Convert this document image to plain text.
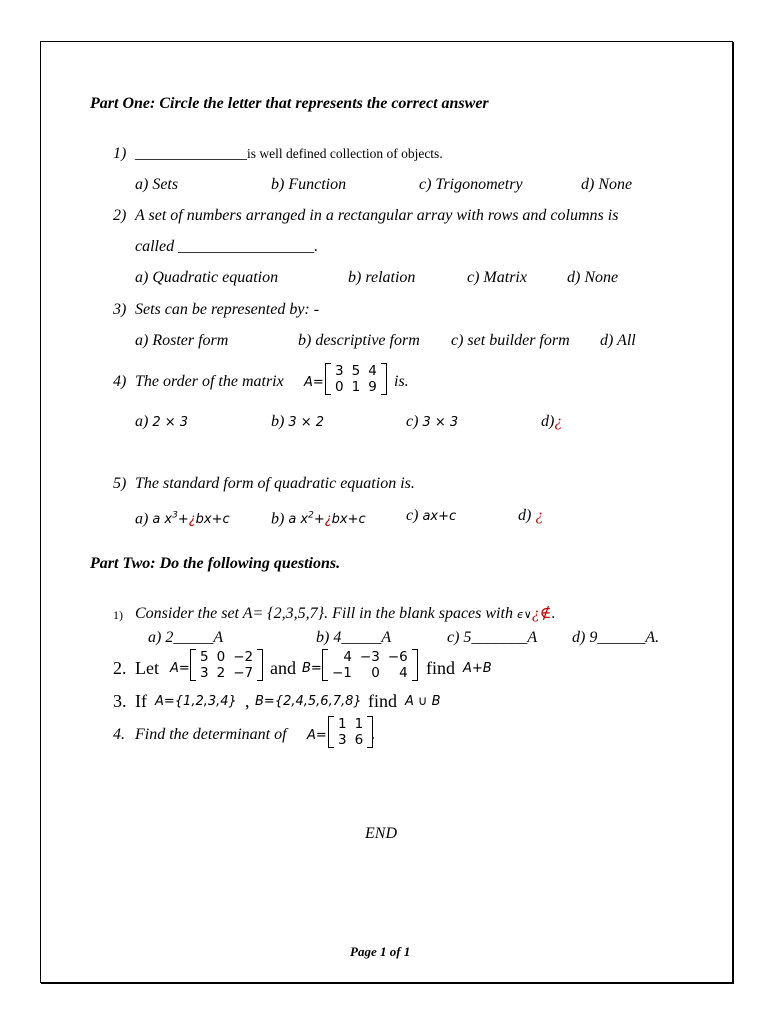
Part One: Circle the letter that represents the correct answer
1) ______________is well defined collection of objects.
a) Sets	b) Function	c) Trigonometry	d) None
2) A set of numbers arranged in a rectangular array with rows and columns is
called _________________.
a) Quadratic equation	b) relation	c) Matrix	d) None
3) Sets can be represented by: -
a) Roster form	b) descriptive form c) set builder form d) All
4) The order of the matrix A=
3	5	4
0	1	9 is.
a) 2 × 3	b) 3 × 2	c) 3 × 3	d)¿
5) The standard form of quadratic equation is.
a) a $x^3+¿bx+c$	b) a $x^2+¿bx+c$	c) ax+c	d) ¿
Part Two: Do the following questions.
1) Consider the set A= {2,3,5,7}. Fill in the blank spaces with ϵ∨¿∉.
a) 2_____A	b) 4_____A	c) 5_______A d) 9______A.
2. Let A=
5	0	−2
3	2	−7 and B=
4	−3	−6
−1	0	4 find A+B
3. If A={1,2,3,4} , B={2,4,5,6,7,8} find A ∪ B
4. Find the determinant of A=
1	1
3	6 .
END
Page 1 of 1
